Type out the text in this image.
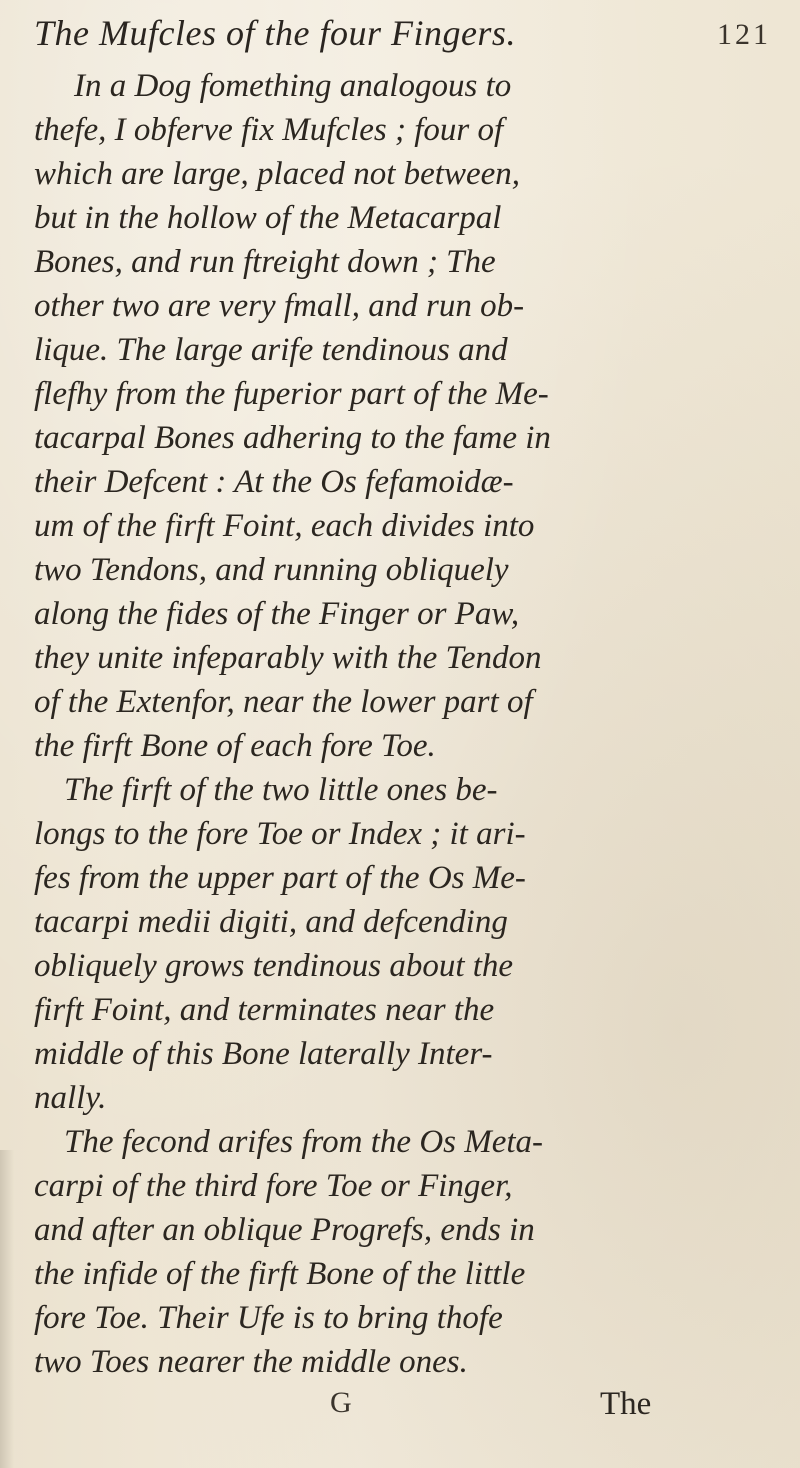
The Mufcles of the four Fingers.	121
In a Dog fomething analogous to
thefe, I obferve fix Mufcles ; four of
which are large, placed not between,
but in the hollow of the Metacarpal
Bones, and run ftreight down ; The
other two are very fmall, and run ob-
lique. The large arife tendinous and
flefhy from the fuperior part of the Me-
tacarpal Bones adhering to the fame in
their Defcent : At the Os fefamoidæ-
um of the firft Foint, each divides into
two Tendons, and running obliquely
along the fides of the Finger or Paw,
they unite infeparably with the Tendon
of the Extenfor, near the lower part of
the firft Bone of each fore Toe.
The firft of the two little ones be-
longs to the fore Toe or Index ; it ari-
fes from the upper part of the Os Me-
tacarpi medii digiti, and defcending
obliquely grows tendinous about the
firft Foint, and terminates near the
middle of this Bone laterally Inter-
nally.
The fecond arifes from the Os Meta-
carpi of the third fore Toe or Finger,
and after an oblique Progrefs, ends in
the infide of the firft Bone of the little
fore Toe. Their Ufe is to bring thofe
two Toes nearer the middle ones.
G	The
